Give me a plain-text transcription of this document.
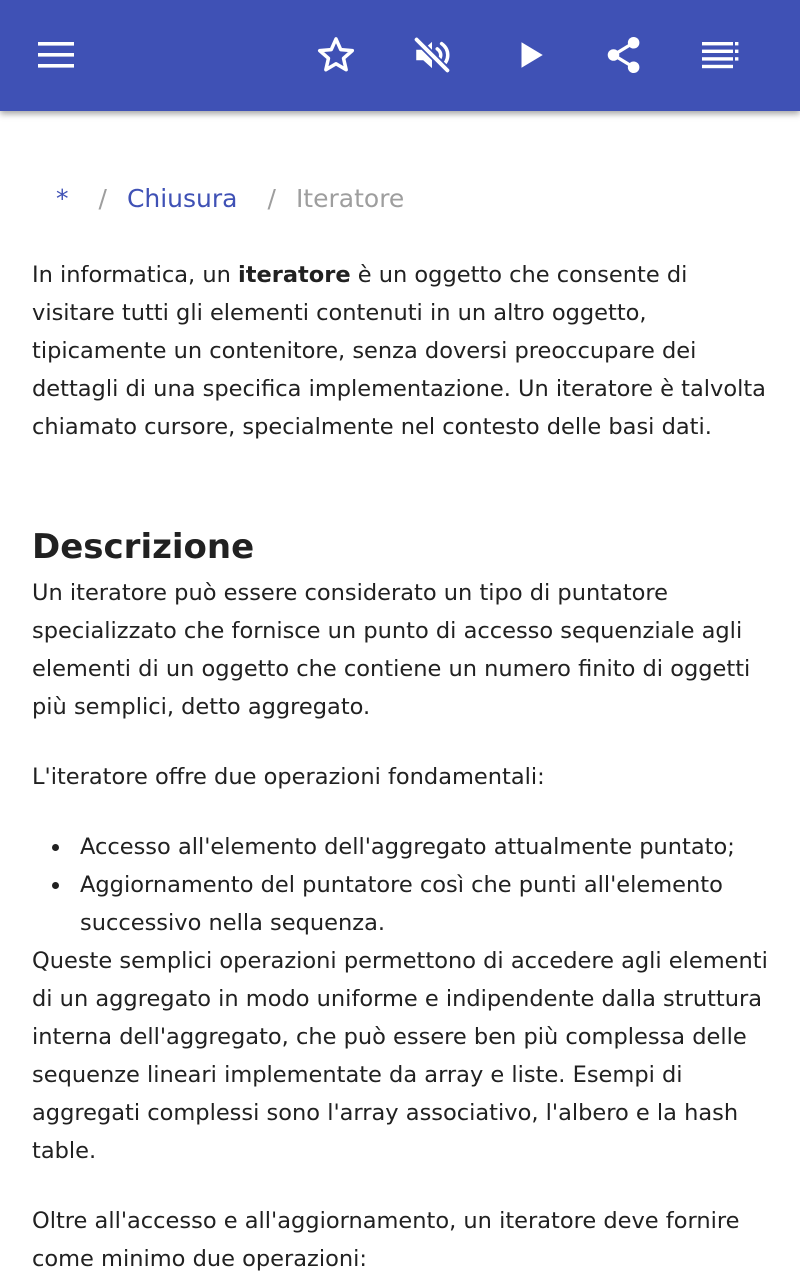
* / Chiusura / Iteratore

In informatica, un iteratore è un oggetto che consente di visitare tutti gli elementi contenuti in un altro oggetto, tipicamente un contenitore, senza doversi preoccupare dei dettagli di una specifica implementazione. Un iteratore è talvolta chiamato cursore, specialmente nel contesto delle basi dati.

Descrizione

Un iteratore può essere considerato un tipo di puntatore specializzato che fornisce un punto di accesso sequenziale agli elementi di un oggetto che contiene un numero finito di oggetti più semplici, detto aggregato.

L'iteratore offre due operazioni fondamentali:

Accesso all'elemento dell'aggregato attualmente puntato;
Aggiornamento del puntatore così che punti all'elemento successivo nella sequenza.

Queste semplici operazioni permettono di accedere agli elementi di un aggregato in modo uniforme e indipendente dalla struttura interna dell'aggregato, che può essere ben più complessa delle sequenze lineari implementate da array e liste. Esempi di aggregati complessi sono l'array associativo, l'albero e la hash table.

Oltre all'accesso e all'aggiornamento, un iteratore deve fornire come minimo due operazioni:
